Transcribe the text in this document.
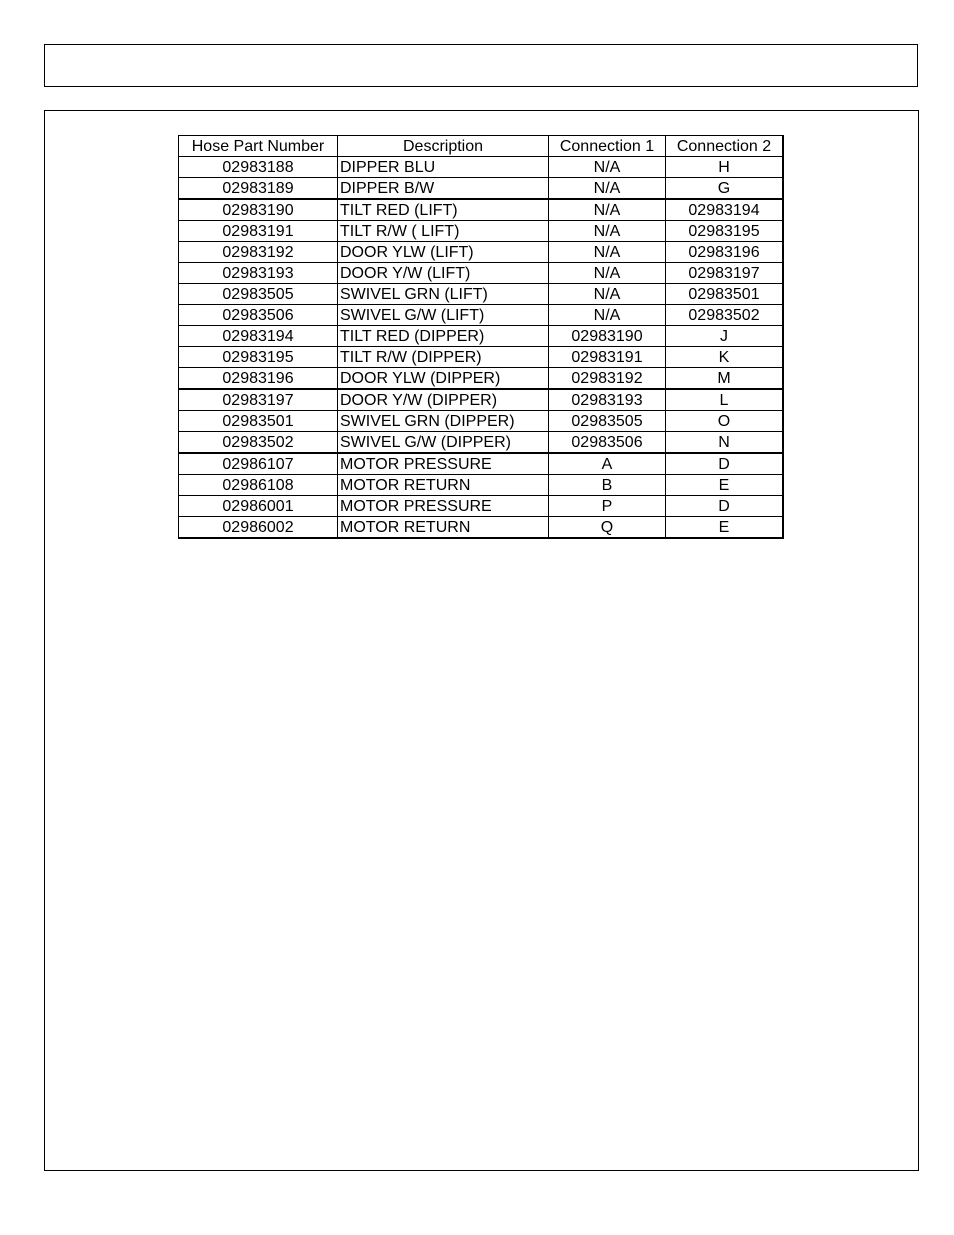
Hose Part Number	Description	Connection 1	Connection 2
02983188	DIPPER BLU	N/A	H
02983189	DIPPER B/W	N/A	G
02983190	TILT RED (LIFT)	N/A	02983194
02983191	TILT R/W ( LIFT)	N/A	02983195
02983192	DOOR YLW (LIFT)	N/A	02983196
02983193	DOOR Y/W (LIFT)	N/A	02983197
02983505	SWIVEL GRN (LIFT)	N/A	02983501
02983506	SWIVEL G/W (LIFT)	N/A	02983502
02983194	TILT RED (DIPPER)	02983190	J
02983195	TILT R/W (DIPPER)	02983191	K
02983196	DOOR YLW (DIPPER)	02983192	M
02983197	DOOR Y/W (DIPPER)	02983193	L
02983501	SWIVEL GRN (DIPPER)	02983505	O
02983502	SWIVEL G/W (DIPPER)	02983506	N
02986107	MOTOR PRESSURE	A	D
02986108	MOTOR RETURN	B	E
02986001	MOTOR PRESSURE	P	D
02986002	MOTOR RETURN	Q	E
